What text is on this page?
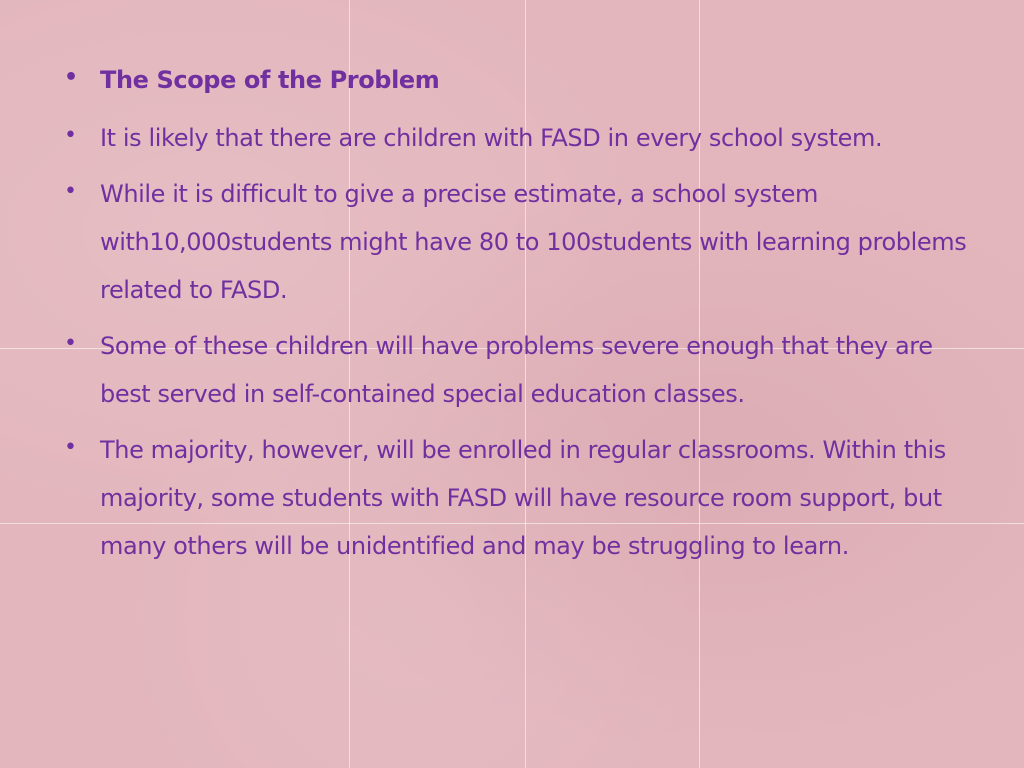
• The Scope of the Problem
• It is likely that there are children with FASD in every school system.
• While it is difficult to give a precise estimate, a school system with10,000students might have 80 to 100students with learning problems related to FASD.
• Some of these children will have problems severe enough that they are best served in self-contained special education classes.
• The majority, however, will be enrolled in regular classrooms. Within this majority, some students with FASD will have resource room support, but many others will be unidentified and may be struggling to learn.
